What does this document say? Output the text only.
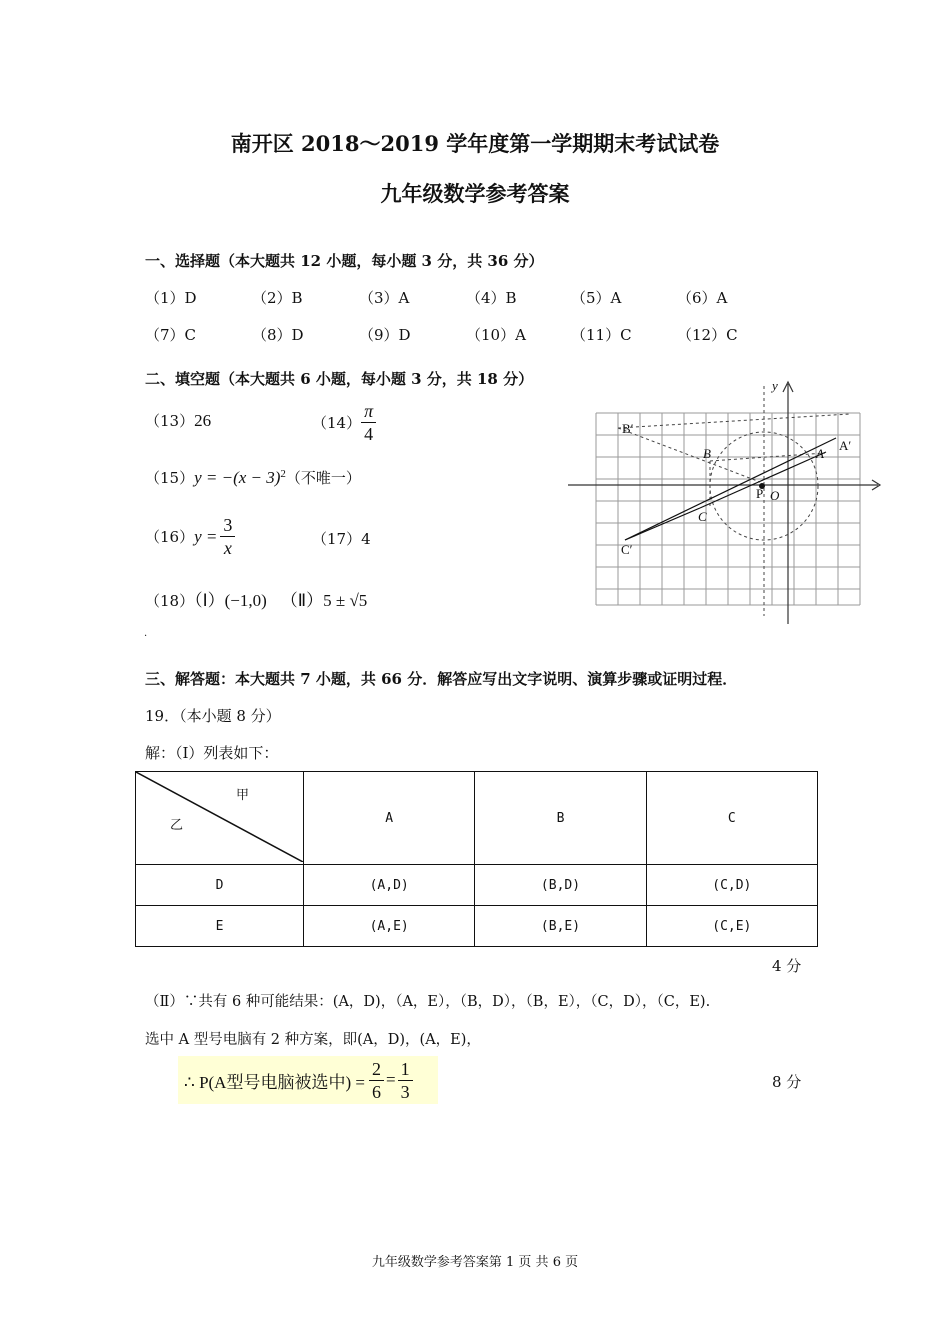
南开区 2018～2019 学年度第一学期期末考试试卷
九年级数学参考答案
一、选择题（本大题共 12 小题，每小题 3 分，共 36 分）
（1）D	（2）B	（3）A	（4）B	（5）A	（6）A
（7）C	（8）D	（9）D	（10）A	（11）C	（12）C
二、填空题（本大题共 6 小题，每小题 3 分，共 18 分）
（13）26	$(14) \frac{\pi}{4}$
$(15)y = -(x - 3)^2$（不唯一）
（16） $y = \frac{3}{x}$	（17）4
（18）（Ⅰ）(−1,0) （Ⅱ）5 ± √5
.
B′
A′
B	A
P O
C
C′
y
三、解答题：本大题共 7 小题，共 66 分．解答应写出文字说明、演算步骤或证明过程．
19．（本小题 8 分）
解：（Ⅰ）列表如下：
甲
乙	A	B	C
D	(A,D)	(B,D)	(C,D)
E	(A,E)	(B,E)	(C,E)
4 分
（Ⅱ）∵共有 6 种可能结果：(A，D)，（A，E），（B，D），（B，E），（C，D），（C，E).
选中 A 型号电脑有 2 种方案，即(A，D)，(A，E)，
∴ P(A型号电脑被选中) = $\frac{2}{6} = \frac{1}{3}$	8 分
九年级数学参考答案第 1 页 共 6 页
